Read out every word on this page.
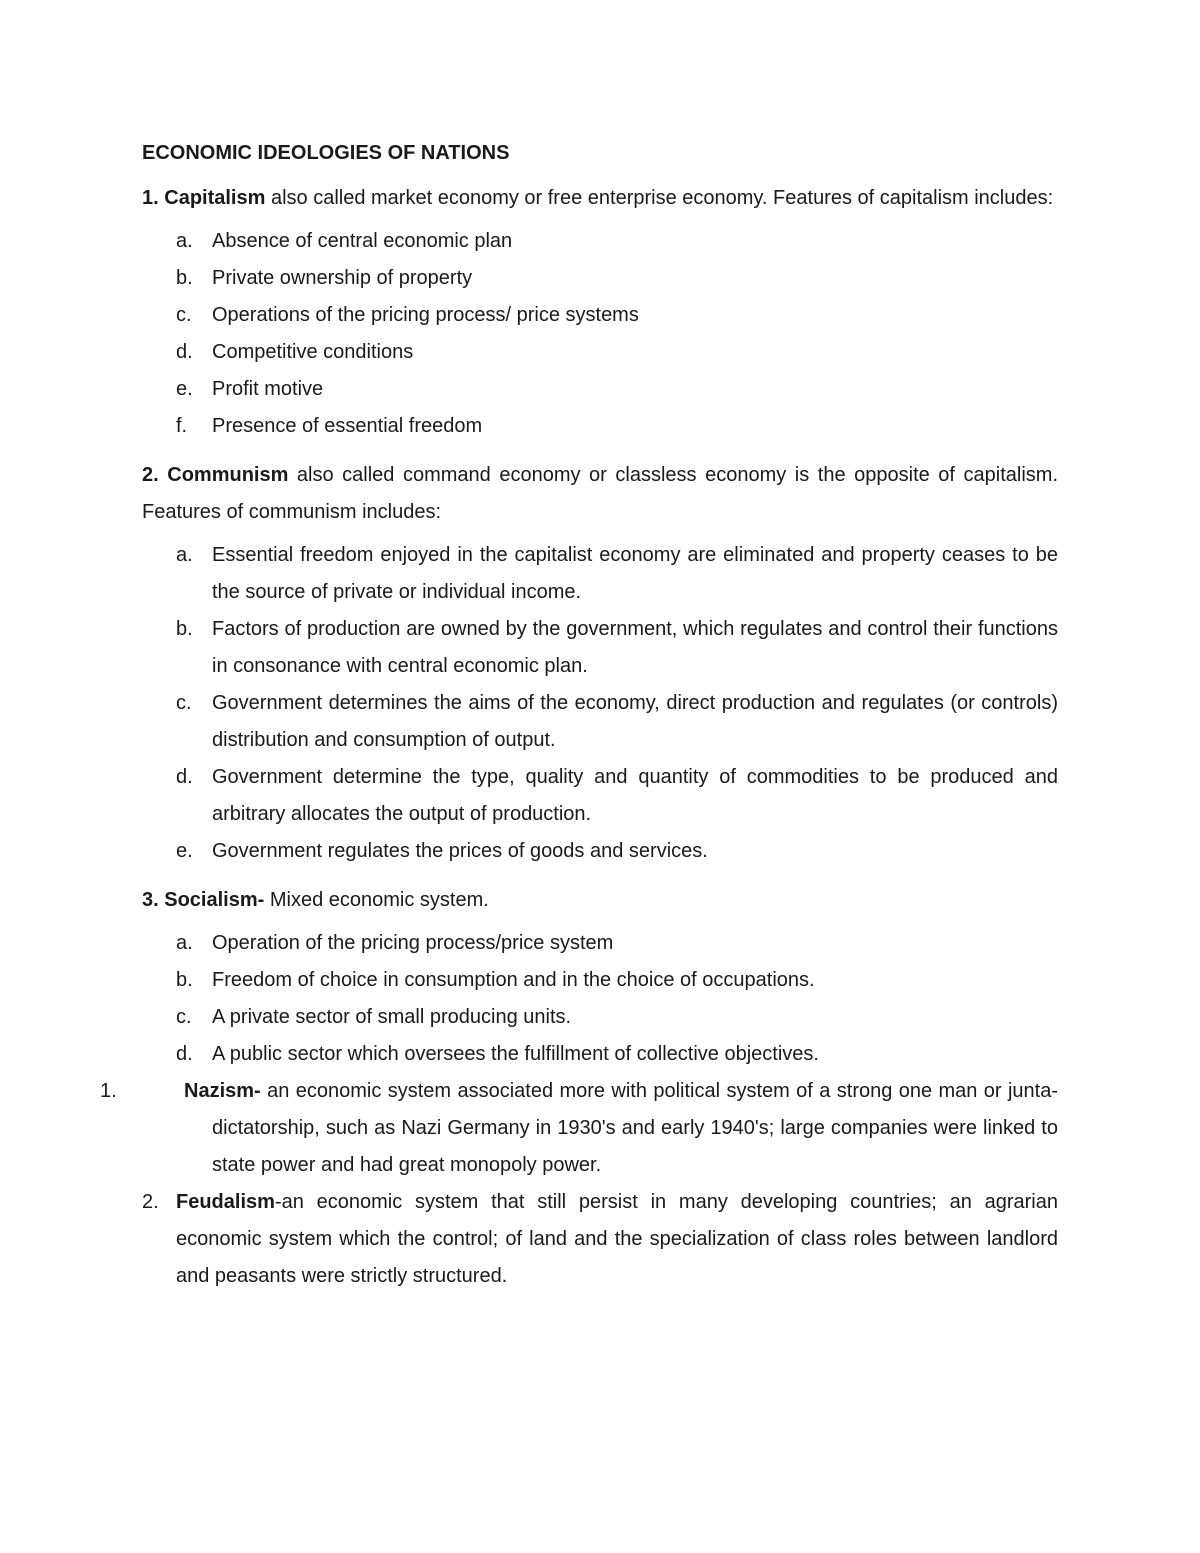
ECONOMIC IDEOLOGIES OF NATIONS

1. Capitalism also called market economy or free enterprise economy. Features of capitalism includes:

a. Absence of central economic plan
b. Private ownership of property
c. Operations of the pricing process/ price systems
d. Competitive conditions
e. Profit motive
f. Presence of essential freedom

2. Communism also called command economy or classless economy is the opposite of capitalism. Features of communism includes:

a. Essential freedom enjoyed in the capitalist economy are eliminated and property ceases to be the source of private or individual income.
b. Factors of production are owned by the government, which regulates and control their functions in consonance with central economic plan.
c. Government determines the aims of the economy, direct production and regulates (or controls) distribution and consumption of output.
d. Government determine the type, quality and quantity of commodities to be produced and arbitrary allocates the output of production.
e. Government regulates the prices of goods and services.

3. Socialism- Mixed economic system.

a. Operation of the pricing process/price system
b. Freedom of choice in consumption and in the choice of occupations.
c. A private sector of small producing units.
d. A public sector which oversees the fulfillment of collective objectives.
1.	Nazism- an economic system associated more with political system of a strong one man or junta-dictatorship, such as Nazi Germany in 1930's and early 1940's; large companies were linked to state power and had great monopoly power.
2. Feudalism-an economic system that still persist in many developing countries; an agrarian economic system which the control; of land and the specialization of class roles between landlord and peasants were strictly structured.
